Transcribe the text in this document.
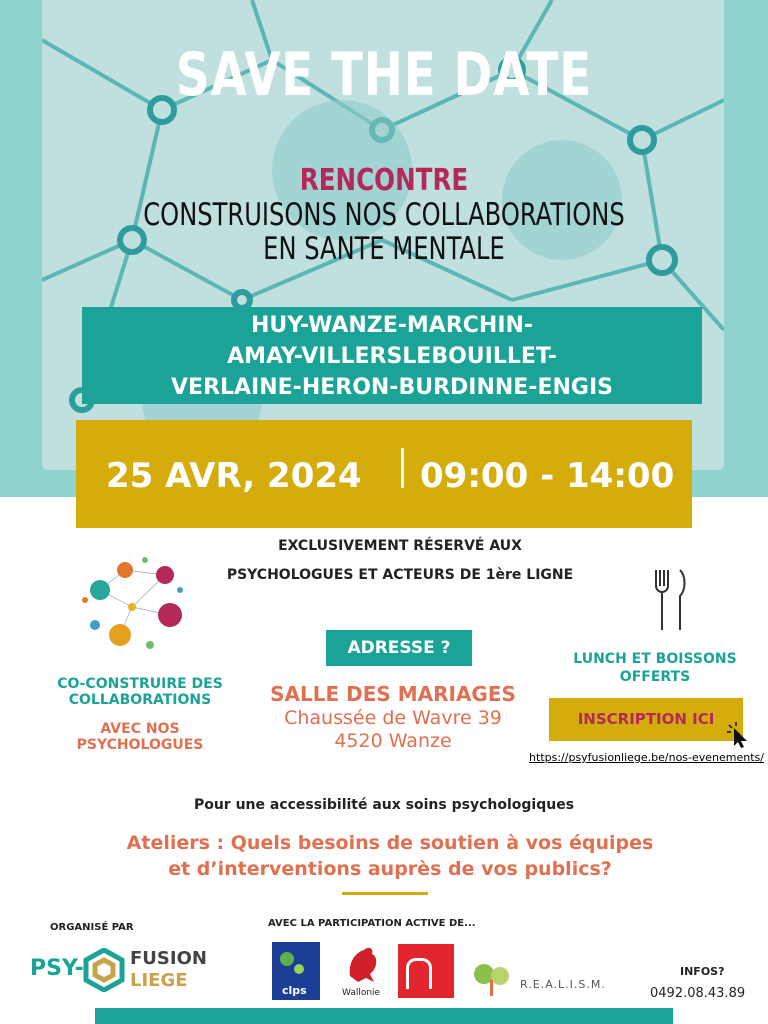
SAVE THE DATE
RENCONTRE
CONSTRUISONS NOS COLLABORATIONS
EN SANTE MENTALE
HUY-WANZE-MARCHIN-
AMAY-VILLERSLEBOUILLET-
VERLAINE-HERON-BURDINNE-ENGIS
25 AVR, 2024 09:00 - 14:00
EXCLUSIVEMENT RÉSERVÉ AUX
PSYCHOLOGUES ET ACTEURS DE 1ère LIGNE
CO-CONSTRUIRE DES
COLLABORATIONS
AVEC NOS
PSYCHOLOGUES
ADRESSE ?
SALLE DES MARIAGES
Chaussée de Wavre 39
4520 Wanze
LUNCH ET BOISSONS
OFFERTS
INSCRIPTION ICI
https://psyfusionliege.be/nos-evenements/
Pour une accessibilité aux soins psychologiques
Ateliers : Quels besoins de soutien à vos équipes
et d’interventions auprès de vos publics?
ORGANISÉ PAR	AVEC LA PARTICIPATION ACTIVE DE...
PSY-	FUSION
LIEGE	clps	Wallonie
R.E.A.L.I.S.M.
INFOS?
0492.08.43.89
